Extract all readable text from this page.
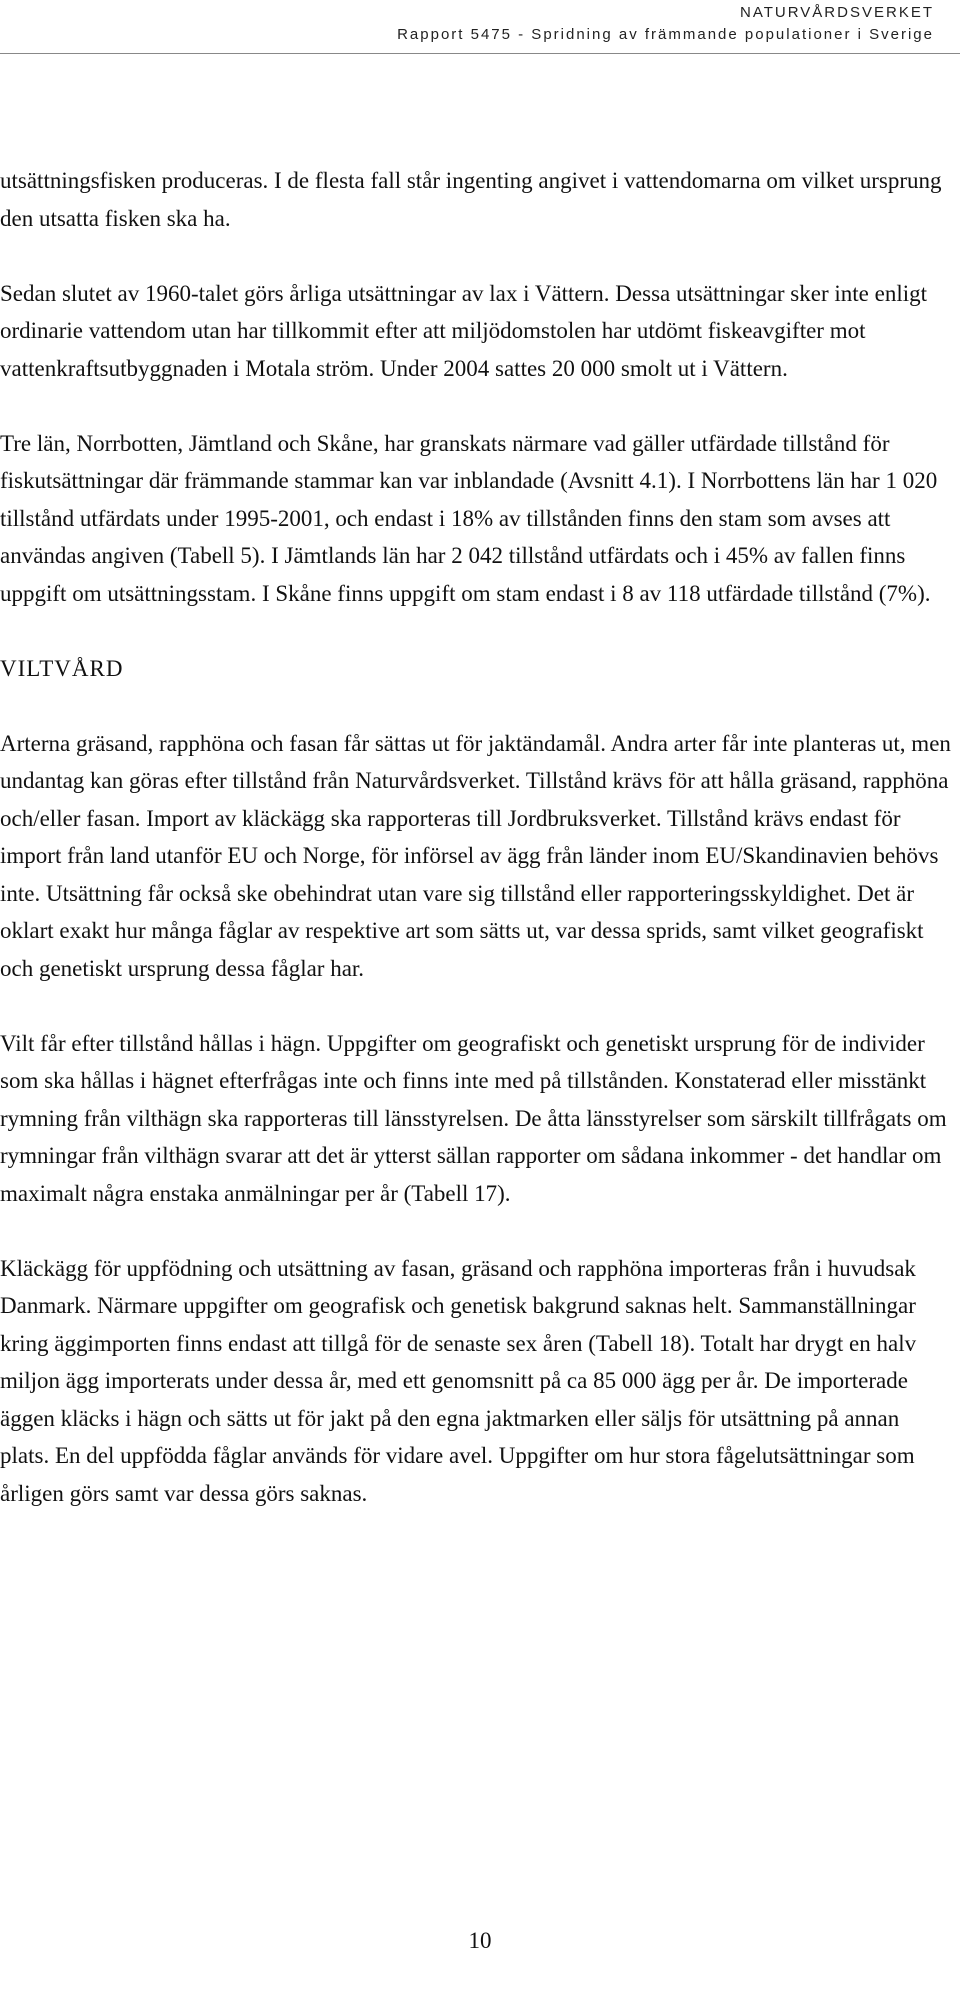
NATURVÅRDSVERKET
Rapport 5475 - Spridning av främmande populationer i Sverige

utsättningsfisken produceras. I de flesta fall står ingenting angivet i vattendomarna om vilket ursprung den utsatta fisken ska ha.

Sedan slutet av 1960-talet görs årliga utsättningar av lax i Vättern. Dessa utsättningar sker inte enligt ordinarie vattendom utan har tillkommit efter att miljödomstolen har utdömt fiskeavgifter mot vattenkraftsutbyggnaden i Motala ström. Under 2004 sattes 20 000 smolt ut i Vättern.

Tre län, Norrbotten, Jämtland och Skåne, har granskats närmare vad gäller utfärdade tillstånd för fiskutsättningar där främmande stammar kan var inblandade (Avsnitt 4.1). I Norrbottens län har 1 020 tillstånd utfärdats under 1995-2001, och endast i 18% av tillstånden finns den stam som avses att användas angiven (Tabell 5). I Jämtlands län har 2 042 tillstånd utfärdats och i 45% av fallen finns uppgift om utsättningsstam. I Skåne finns uppgift om stam endast i 8 av 118 utfärdade tillstånd (7%).

VILTVÅRD

Arterna gräsand, rapphöna och fasan får sättas ut för jaktändamål. Andra arter får inte planteras ut, men undantag kan göras efter tillstånd från Naturvårdsverket. Tillstånd krävs för att hålla gräsand, rapphöna och/eller fasan. Import av kläckägg ska rapporteras till Jordbruksverket. Tillstånd krävs endast för import från land utanför EU och Norge, för införsel av ägg från länder inom EU/Skandinavien behövs inte. Utsättning får också ske obehindrat utan vare sig tillstånd eller rapporteringsskyldighet. Det är oklart exakt hur många fåglar av respektive art som sätts ut, var dessa sprids, samt vilket geografiskt och genetiskt ursprung dessa fåglar har.

Vilt får efter tillstånd hållas i hägn. Uppgifter om geografiskt och genetiskt ursprung för de individer som ska hållas i hägnet efterfrågas inte och finns inte med på tillstånden. Konstaterad eller misstänkt rymning från vilthägn ska rapporteras till länsstyrelsen. De åtta länsstyrelser som särskilt tillfrågats om rymningar från vilthägn svarar att det är ytterst sällan rapporter om sådana inkommer - det handlar om maximalt några enstaka anmälningar per år (Tabell 17).

Kläckägg för uppfödning och utsättning av fasan, gräsand och rapphöna importeras från i huvudsak Danmark. Närmare uppgifter om geografisk och genetisk bakgrund saknas helt. Sammanställningar kring äggimporten finns endast att tillgå för de senaste sex åren (Tabell 18). Totalt har drygt en halv miljon ägg importerats under dessa år, med ett genomsnitt på ca 85 000 ägg per år. De importerade äggen kläcks i hägn och sätts ut för jakt på den egna jaktmarken eller säljs för utsättning på annan plats. En del uppfödda fåglar används för vidare avel. Uppgifter om hur stora fågelutsättningar som årligen görs samt var dessa görs saknas.

10
